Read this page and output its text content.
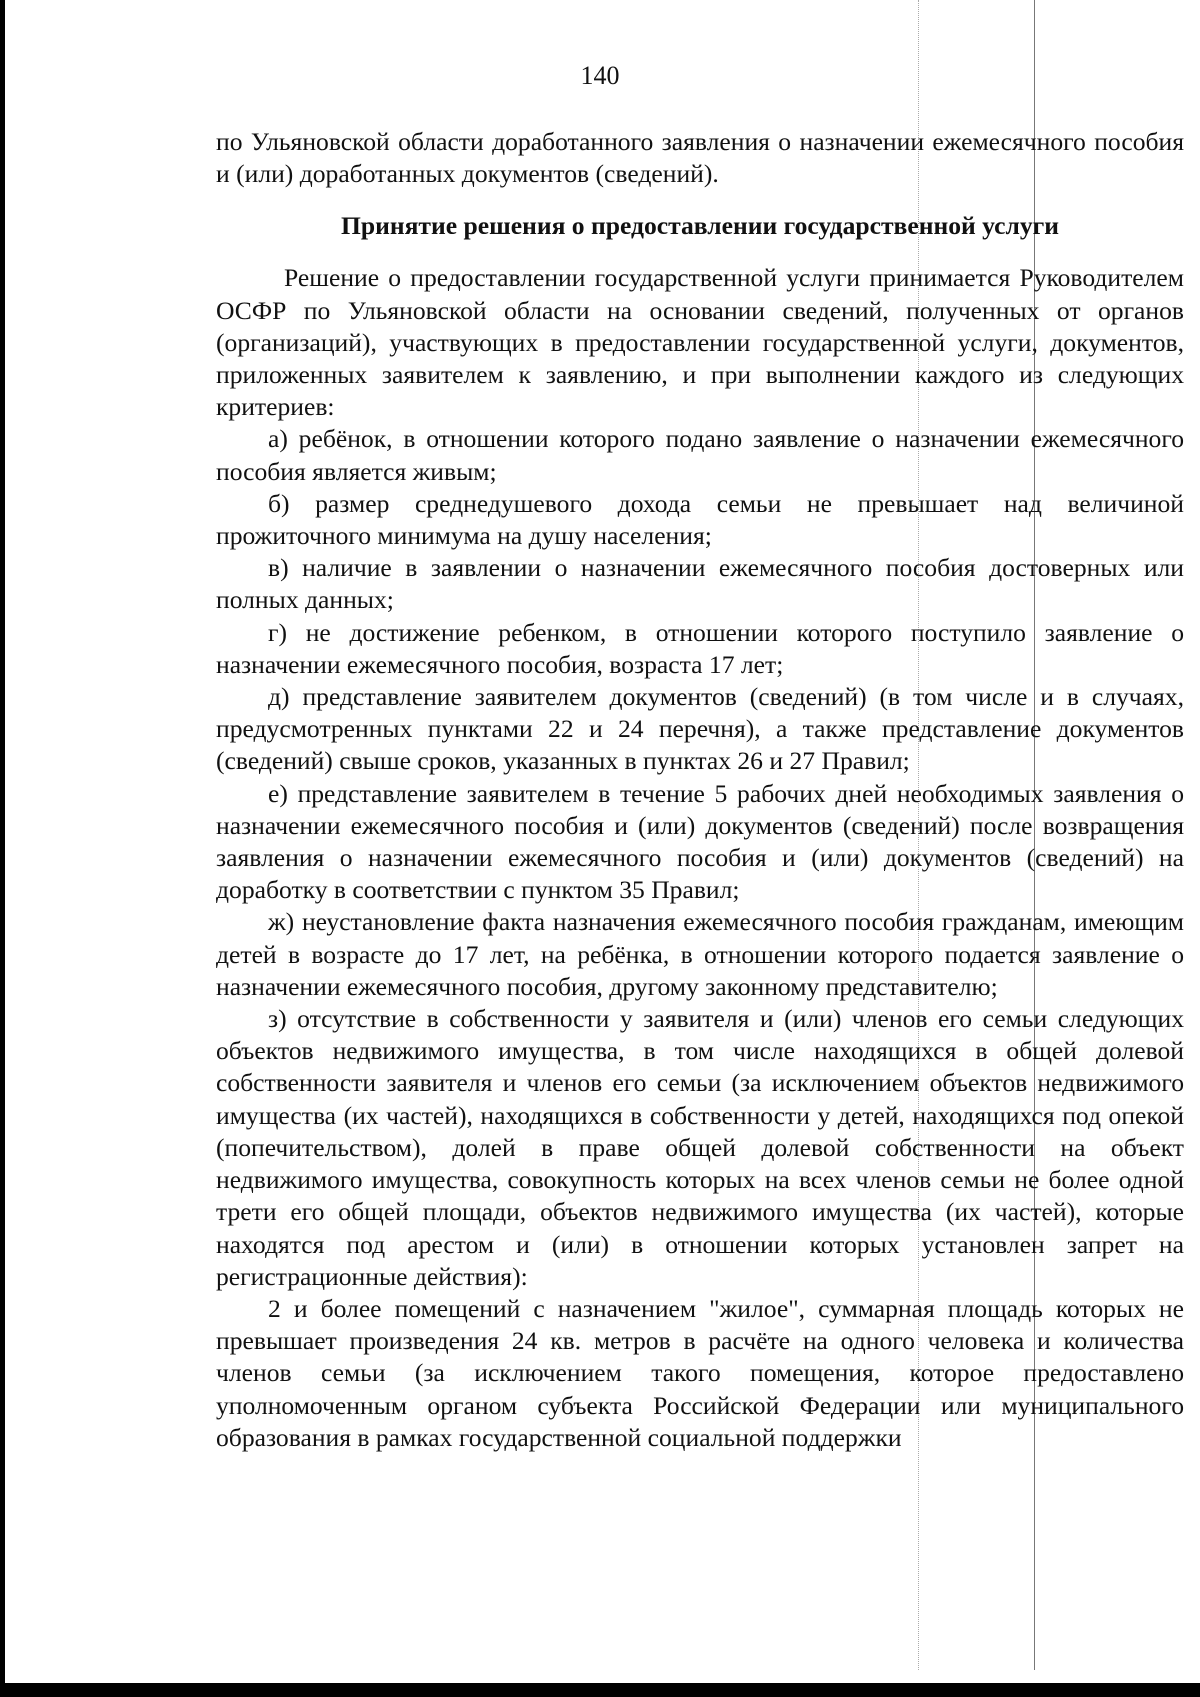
140

по Ульяновской области доработанного заявления о назначении ежемесячного пособия и (или) доработанных документов (сведений).

Принятие решения о предоставлении государственной услуги

Решение о предоставлении государственной услуги принимается Руководителем ОСФР по Ульяновской области на основании сведений, полученных от органов (организаций), участвующих в предоставлении государственной услуги, документов, приложенных заявителем к заявлению, и при выполнении каждого из следующих критериев:

а) ребёнок, в отношении которого подано заявление о назначении ежемесячного пособия является живым;

б) размер среднедушевого дохода семьи не превышает над величиной прожиточного минимума на душу населения;

в) наличие в заявлении о назначении ежемесячного пособия достоверных или полных данных;

г) не достижение ребенком, в отношении которого поступило заявление о назначении ежемесячного пособия, возраста 17 лет;

д) представление заявителем документов (сведений) (в том числе и в случаях, предусмотренных пунктами 22 и 24 перечня), а также представление документов (сведений) свыше сроков, указанных в пунктах 26 и 27 Правил;

е) представление заявителем в течение 5 рабочих дней необходимых заявления о назначении ежемесячного пособия и (или) документов (сведений) после возвращения заявления о назначении ежемесячного пособия и (или) документов (сведений) на доработку в соответствии с пунктом 35 Правил;

ж) неустановление факта назначения ежемесячного пособия гражданам, имеющим детей в возрасте до 17 лет, на ребёнка, в отношении которого подается заявление о назначении ежемесячного пособия, другому законному представителю;

з) отсутствие в собственности у заявителя и (или) членов его семьи следующих объектов недвижимого имущества, в том числе находящихся в общей долевой собственности заявителя и членов его семьи (за исключением объектов недвижимого имущества (их частей), находящихся в собственности у детей, находящихся под опекой (попечительством), долей в праве общей долевой собственности на объект недвижимого имущества, совокупность которых на всех членов семьи не более одной трети его общей площади, объектов недвижимого имущества (их частей), которые находятся под арестом и (или) в отношении которых установлен запрет на регистрационные действия):

2 и более помещений с назначением "жилое", суммарная площадь которых не превышает произведения 24 кв. метров в расчёте на одного человека и количества членов семьи (за исключением такого помещения, которое предоставлено уполномоченным органом субъекта Российской Федерации или муниципального образования в рамках государственной социальной поддержки
